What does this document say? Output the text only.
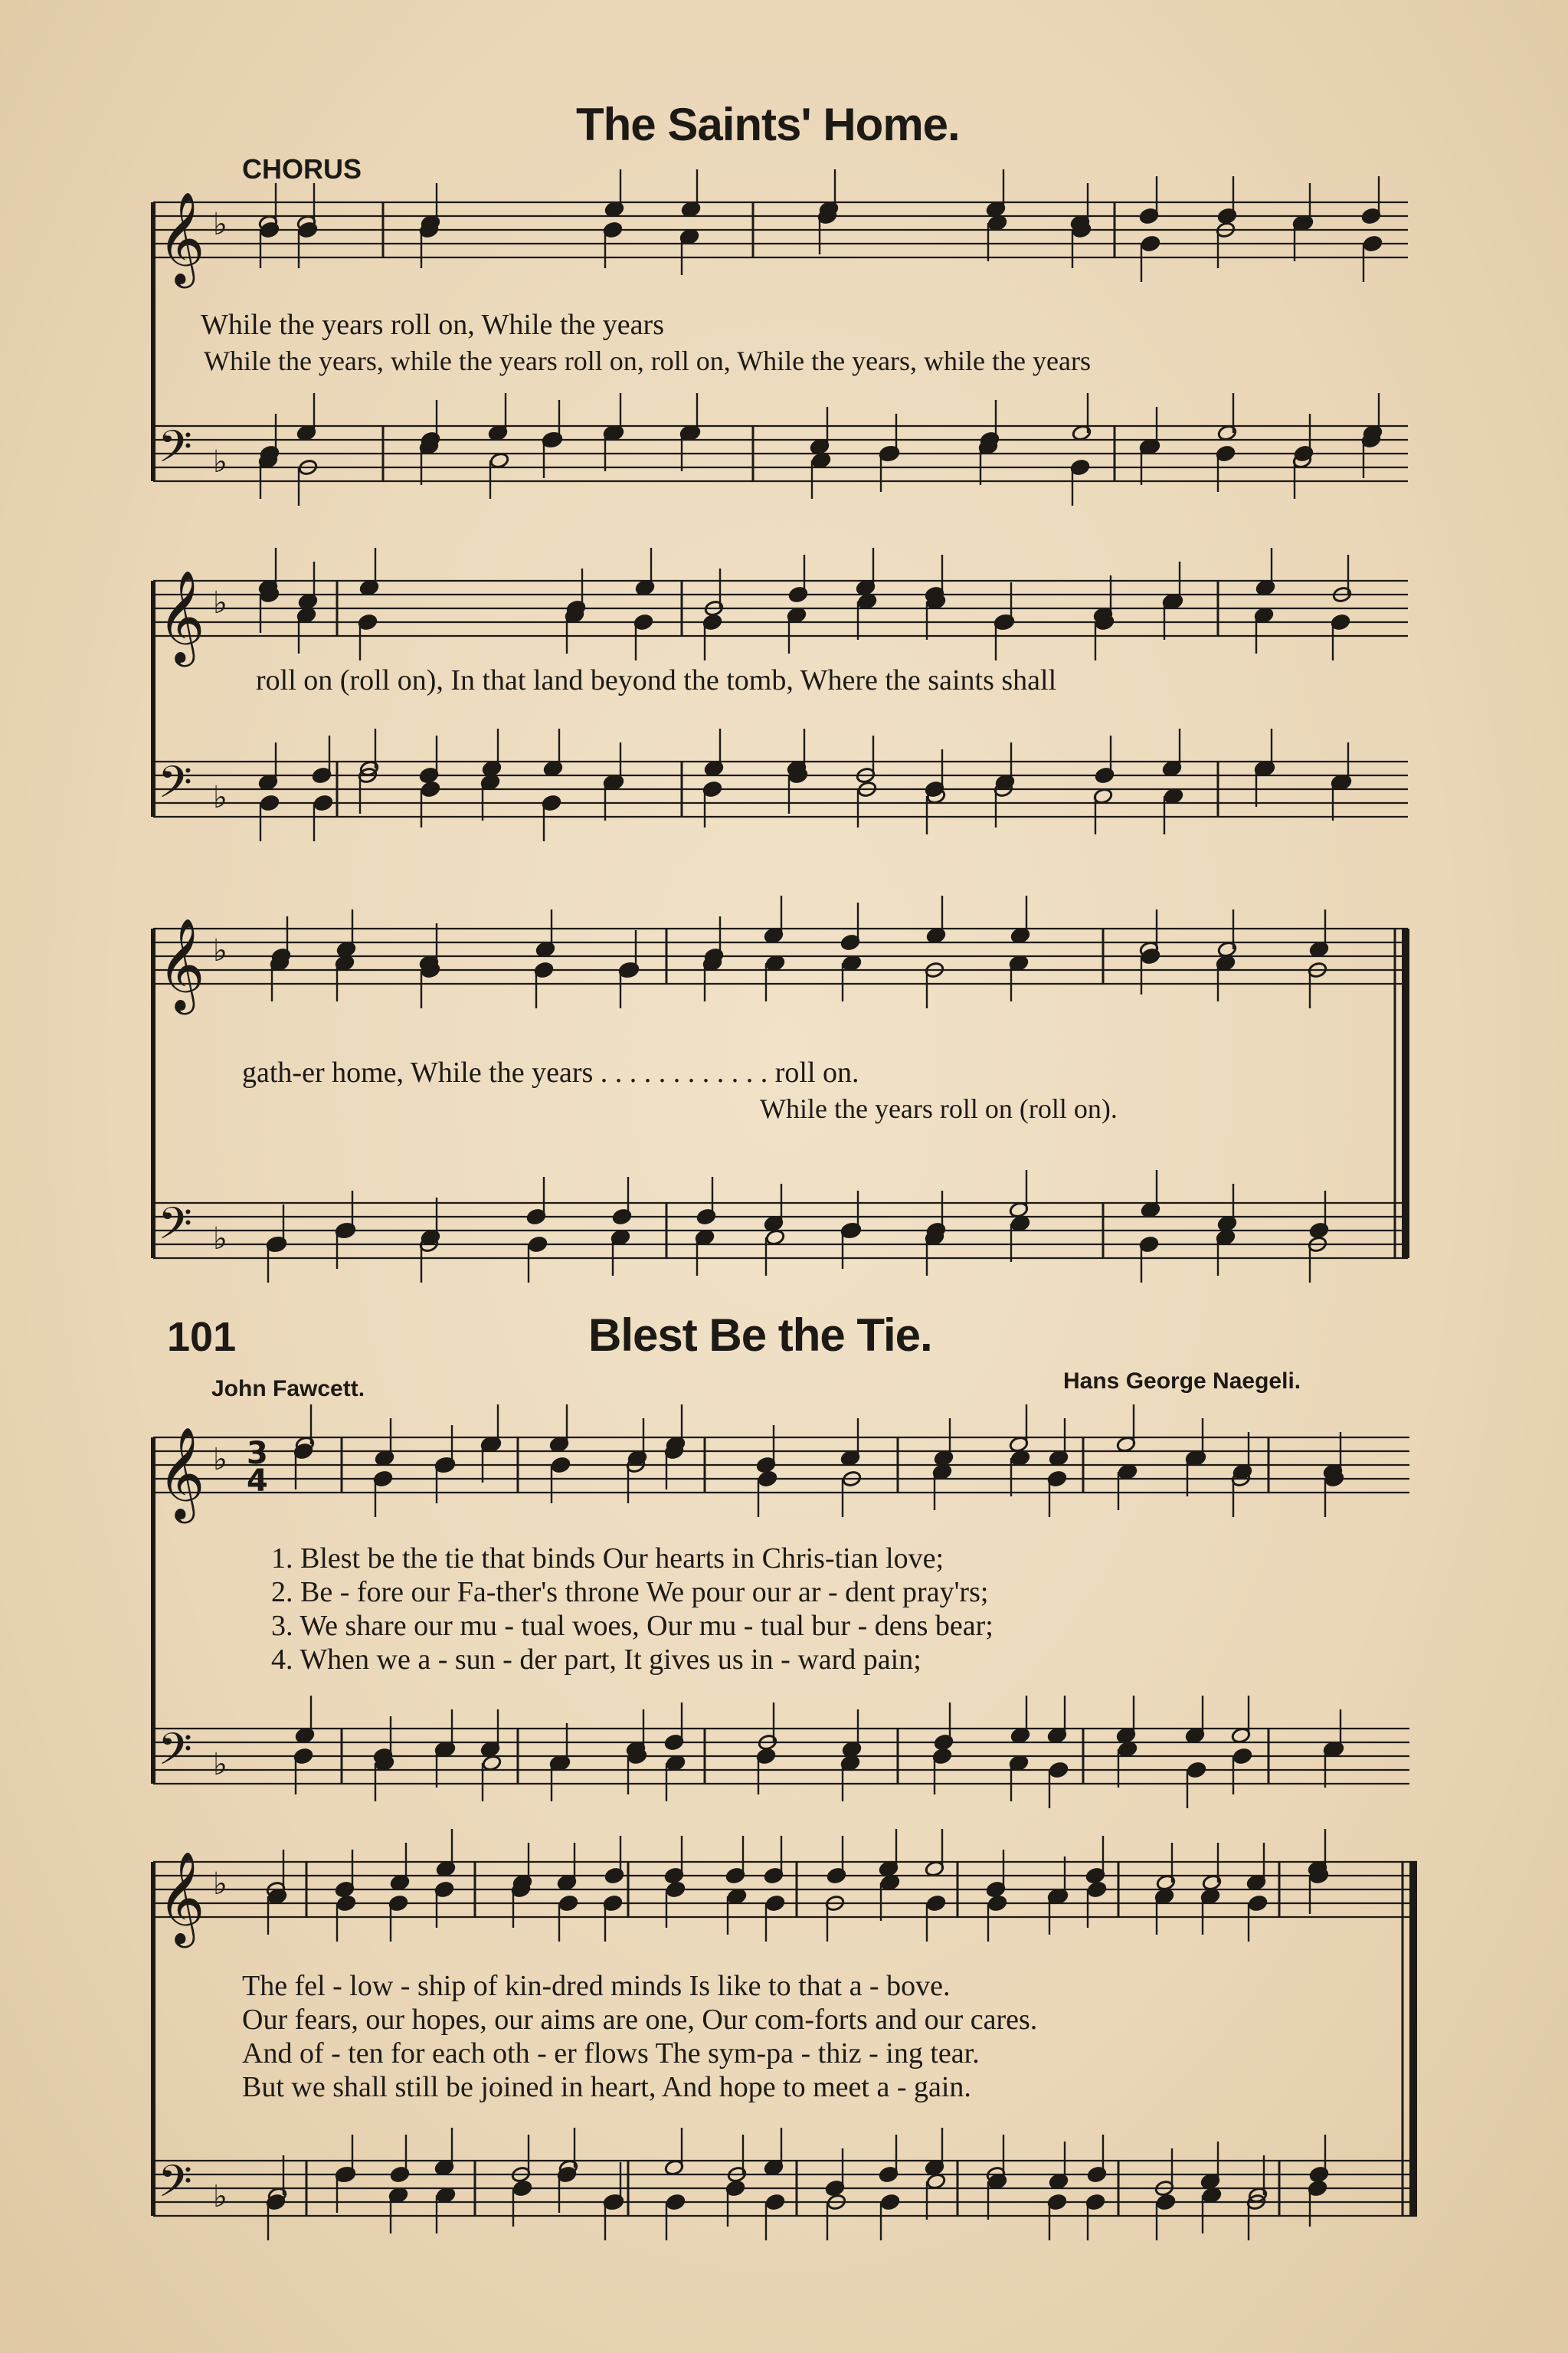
The Saints' Home.
CHORUS
While the years roll on, While the years
While the years, while the years roll on, roll on, While the years, while the years
roll on (roll on), In that land beyond the tomb, Where the saints shall
gath-er home, While the years . . . . . . . . . . . . roll on.
While the years roll on (roll on).
101	Blest Be the Tie.
John Fawcett.	Hans George Naegeli.
1. Blest be the tie that binds Our hearts in Chris-tian love;
2. Be - fore our Fa-ther's throne We pour our ar - dent pray'rs;
3. We share our mu - tual woes, Our mu - tual bur - dens bear;
4. When we a - sun - der part, It gives us in - ward pain;
The fel - low - ship of kin-dred minds Is like to that a - bove.
Our fears, our hopes, our aims are one, Our com-forts and our cares.
And of - ten for each oth - er flows The sym-pa - thiz - ing tear.
But we shall still be joined in heart, And hope to meet a - gain.
𝄞 ♭
𝄢 ♭
𝄞 ♭
𝄢 ♭
𝄞 ♭
𝄢 ♭
𝄞 ♭ 3
4
𝄢 ♭
𝄞 ♭
𝄢 ♭
